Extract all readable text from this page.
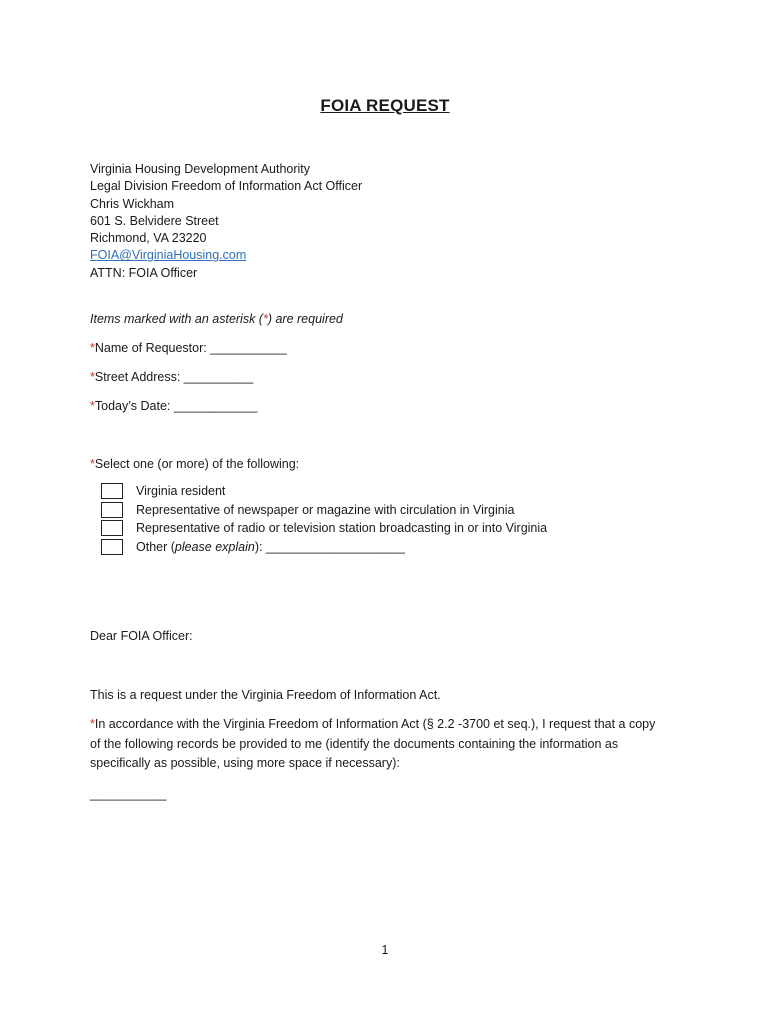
FOIA REQUEST
Virginia Housing Development Authority
Legal Division Freedom of Information Act Officer
Chris Wickham
601 S. Belvidere Street
Richmond, VA 23220
FOIA@VirginiaHousing.com
ATTN: FOIA Officer
Items marked with an asterisk (*) are required
*Name of Requestor: ___________
*Street Address: __________
*Today’s Date: ____________
*Select one (or more) of the following:
Virginia resident
Representative of newspaper or magazine with circulation in Virginia
Representative of radio or television station broadcasting in or into Virginia
Other (please explain): ____________________
Dear FOIA Officer:
This is a request under the Virginia Freedom of Information Act.
*In accordance with the Virginia Freedom of Information Act (§ 2.2 -3700 et seq.), I request that a copy
of the following records be provided to me (identify the documents containing the information as
specifically as possible, using more space if necessary):
___________
1
